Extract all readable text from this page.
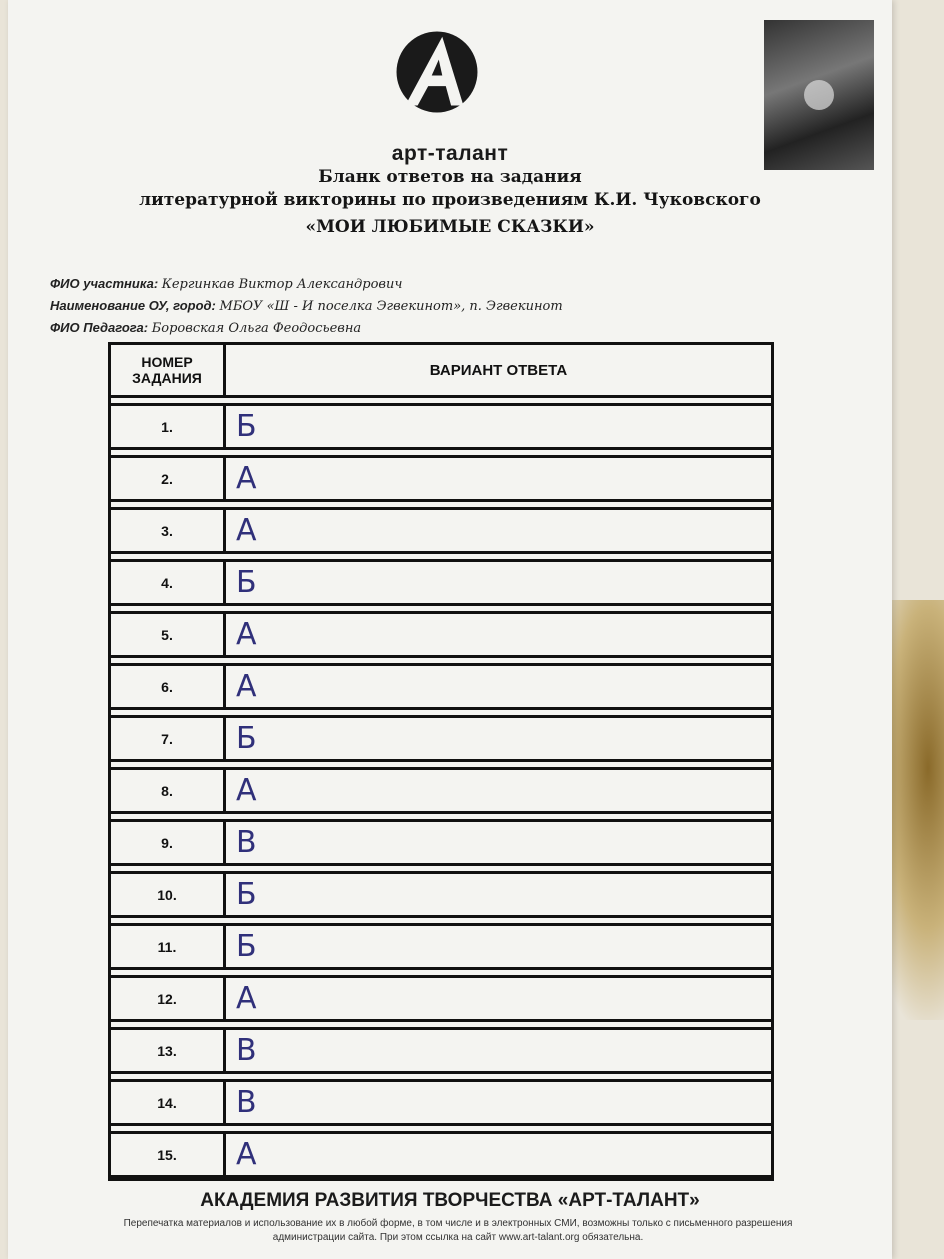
арт-талант
Бланк ответов на задания
литературной викторины по произведениям К.И. Чуковского
«МОИ ЛЮБИМЫЕ СКАЗКИ»
ФИО участника: Кергинкав Виктор Александрович
Наименование ОУ, город: МБОУ «Ш - И поселка Эгвекинот», п. Эгвекинот
ФИО Педагога: Боровская Ольга Феодосьевна
НОМЕР ЗАДАНИЯ	ВАРИАНТ ОТВЕТА
1.	Б
2.	А
3.	А
4.	Б
5.	А
6.	А
7.	Б
8.	А
9.	В
10.	Б
11.	Б
12.	А
13.	В
14.	В
15.	А
АКАДЕМИЯ РАЗВИТИЯ ТВОРЧЕСТВА «АРТ-ТАЛАНТ»
Перепечатка материалов и использование их в любой форме, в том числе и в электронных СМИ, возможны только с письменного разрешения администрации сайта. При этом ссылка на сайт www.art-talant.org обязательна.
